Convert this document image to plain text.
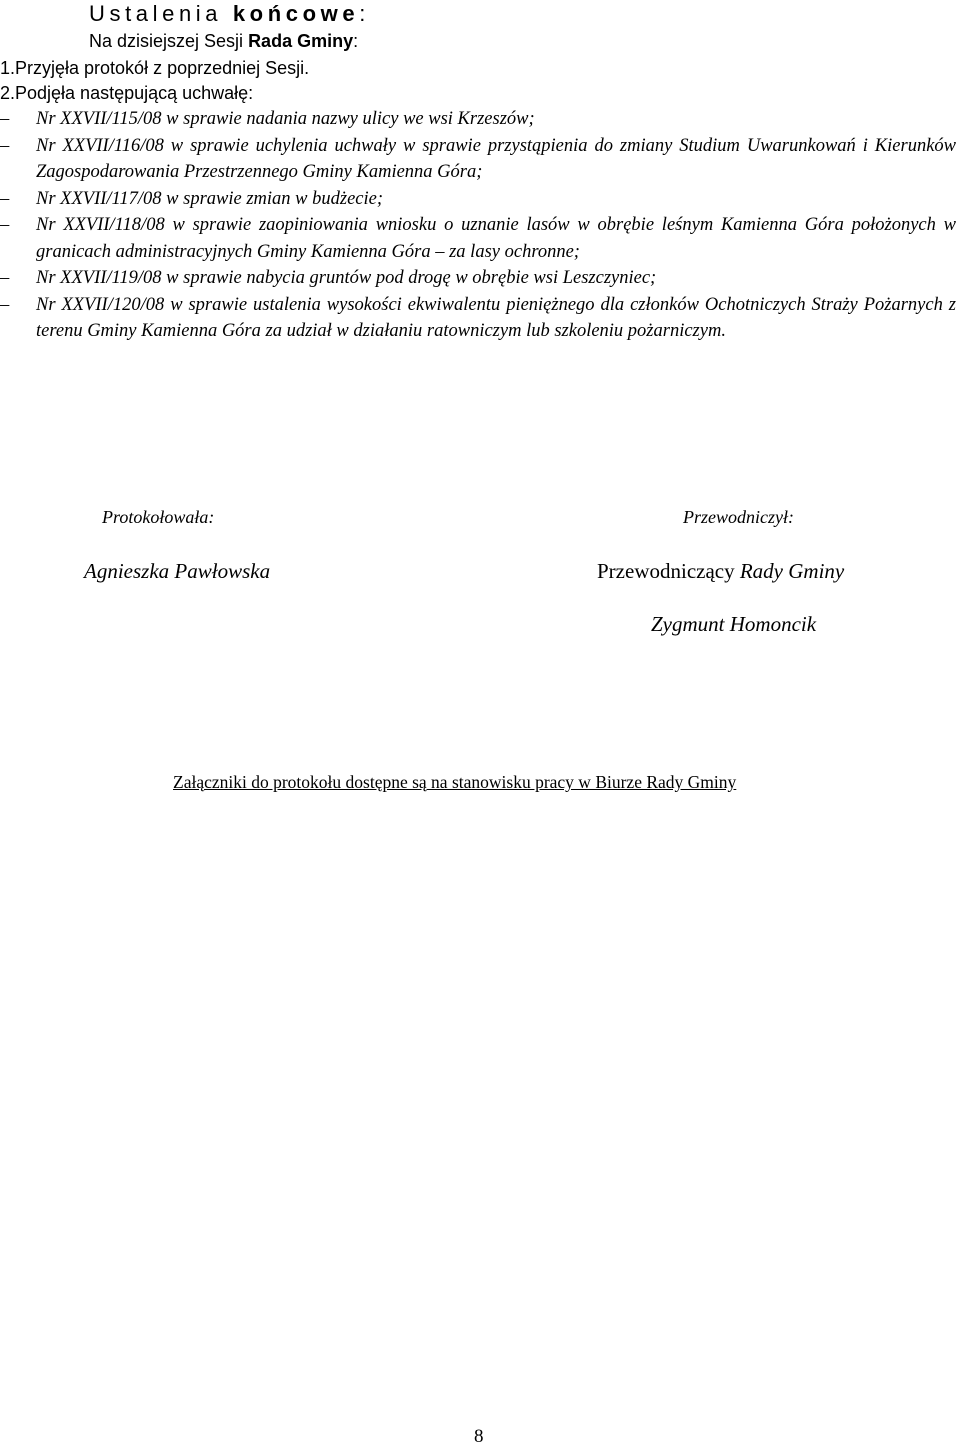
Ustalenia końcowe:
Na dzisiejszej Sesji Rada Gminy:
1.Przyjęła protokół z poprzedniej Sesji.
2.Podjęła następującą uchwałę:
– Nr XXVII/115/08 w sprawie nadania nazwy ulicy we wsi Krzeszów;
– Nr XXVII/116/08 w sprawie uchylenia uchwały w sprawie przystąpienia do zmiany Studium Uwarunkowań i Kierunków Zagospodarowania Przestrzennego Gminy Kamienna Góra;
– Nr XXVII/117/08 w sprawie zmian w budżecie;
– Nr XXVII/118/08 w sprawie zaopiniowania wniosku o uznanie lasów w obrębie leśnym Kamienna Góra położonych w granicach administracyjnych Gminy Kamienna Góra – za lasy ochronne;
– Nr XXVII/119/08 w sprawie nabycia gruntów pod drogę w obrębie wsi Leszczyniec;
– Nr XXVII/120/08 w sprawie ustalenia wysokości ekwiwalentu pieniężnego dla członków Ochotniczych Straży Pożarnych z terenu Gminy Kamienna Góra za udział w działaniu ratowniczym lub szkoleniu pożarniczym.
Protokołowała:	Przewodniczył:
Agnieszka Pawłowska	Przewodniczący Rady Gminy
Zygmunt Homoncik
Załączniki do protokołu dostępne są na stanowisku pracy w Biurze Rady Gminy
8
